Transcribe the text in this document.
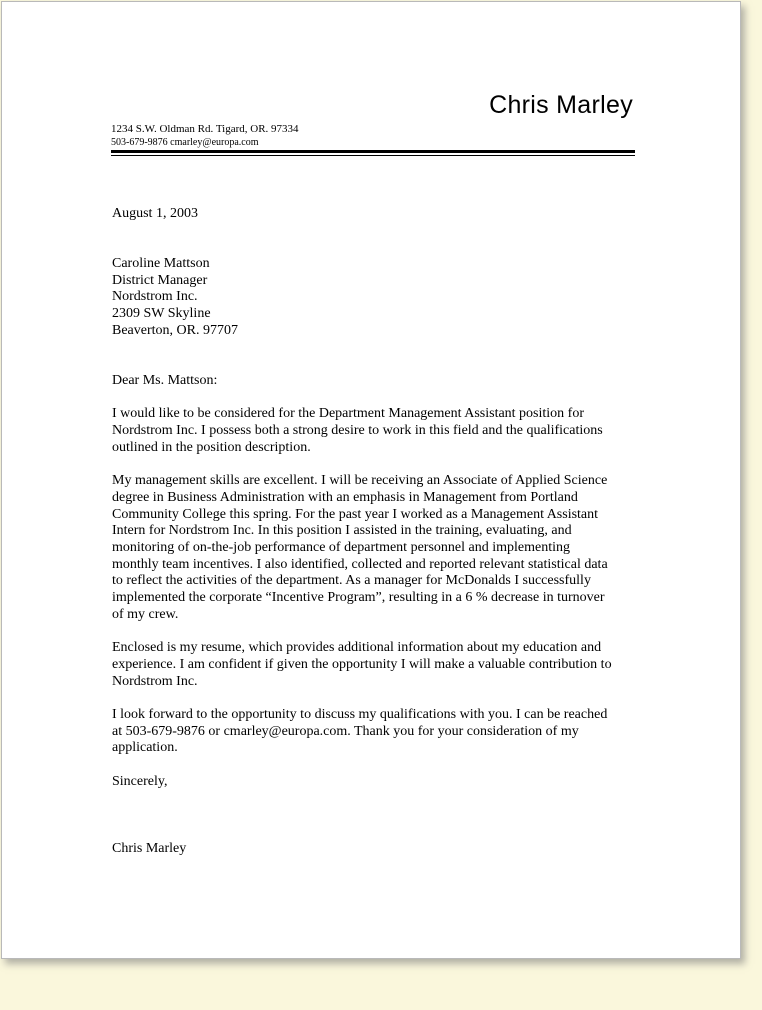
Chris Marley
1234 S.W. Oldman Rd. Tigard, OR. 97334
503-679-9876 cmarley@europa.com

August 1, 2003

Caroline Mattson
District Manager
Nordstrom Inc.
2309 SW Skyline
Beaverton, OR. 97707

Dear Ms. Mattson:

I would like to be considered for the Department Management Assistant position for
Nordstrom Inc. I possess both a strong desire to work in this field and the qualifications
outlined in the position description.

My management skills are excellent. I will be receiving an Associate of Applied Science
degree in Business Administration with an emphasis in Management from Portland
Community College this spring. For the past year I worked as a Management Assistant
Intern for Nordstrom Inc. In this position I assisted in the training, evaluating, and
monitoring of on-the-job performance of department personnel and implementing
monthly team incentives. I also identified, collected and reported relevant statistical data
to reflect the activities of the department. As a manager for McDonalds I successfully
implemented the corporate “Incentive Program”, resulting in a 6 % decrease in turnover
of my crew.

Enclosed is my resume, which provides additional information about my education and
experience. I am confident if given the opportunity I will make a valuable contribution to
Nordstrom Inc.

I look forward to the opportunity to discuss my qualifications with you. I can be reached
at 503-679-9876 or cmarley@europa.com. Thank you for your consideration of my
application.

Sincerely,

Chris Marley
